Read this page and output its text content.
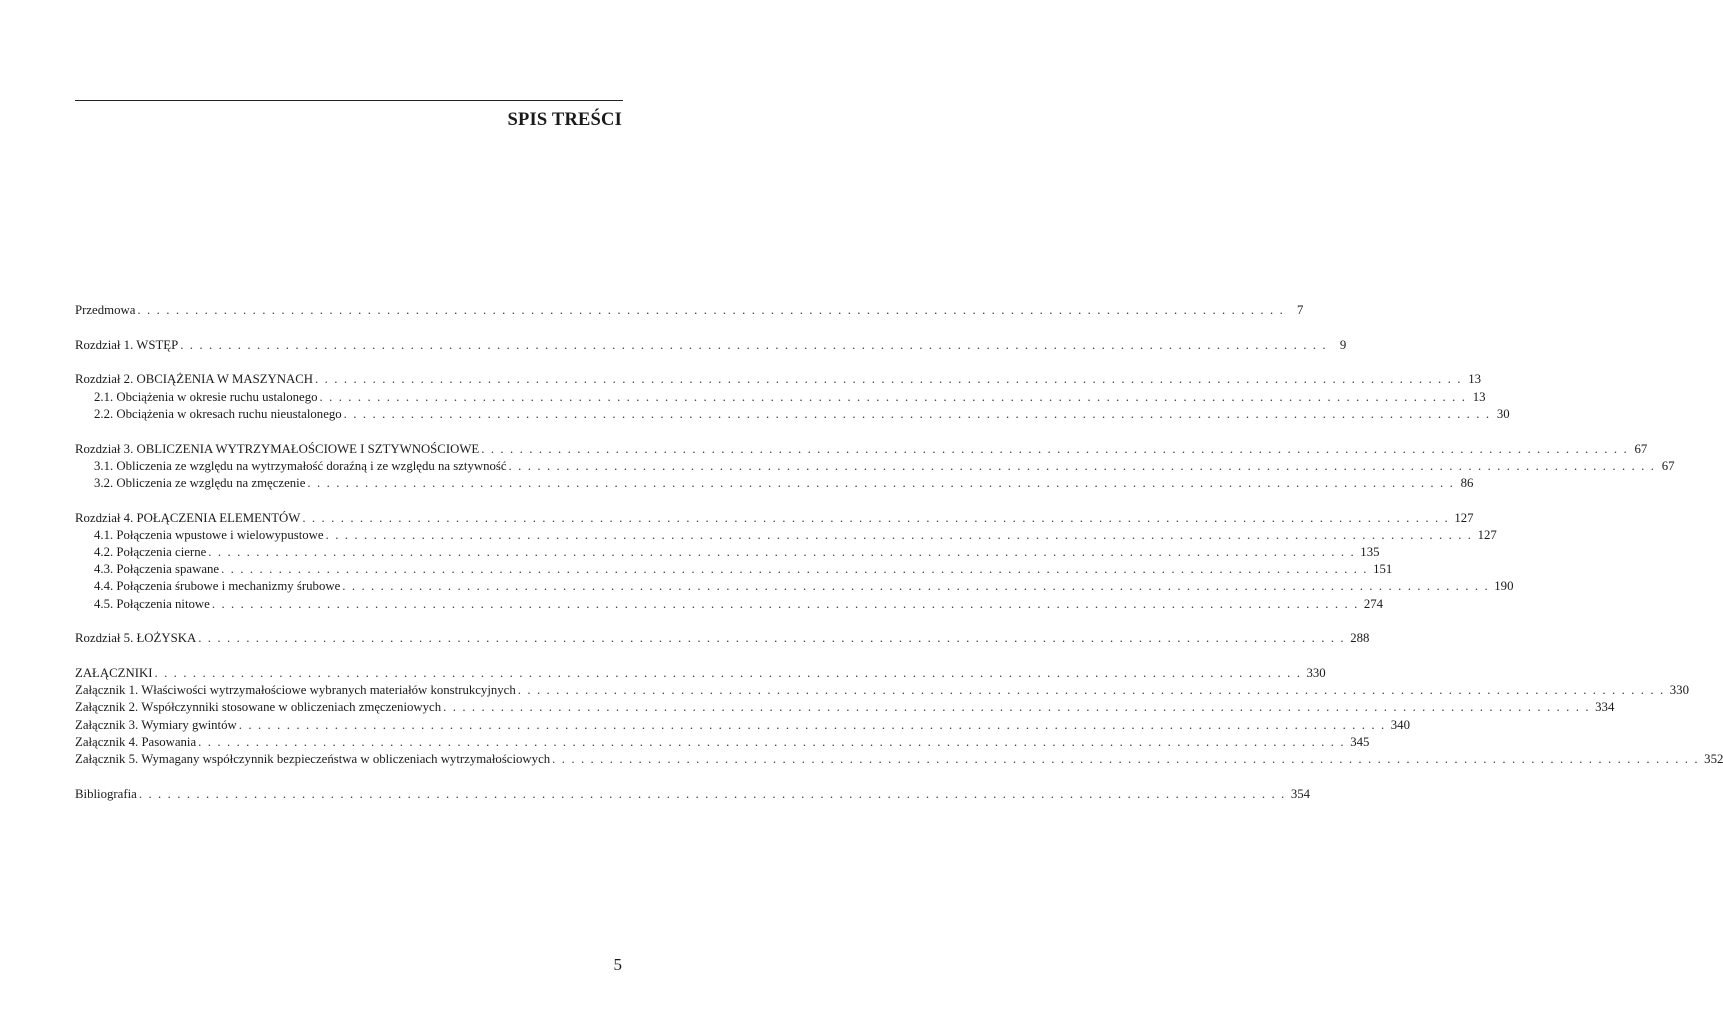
SPIS TREŚCI
Przedmowa . . . . . . . . . . . . . . . . . . . . . . . . . . . . . . . . . . . . . . . . . . . . . . . . . . . . . . . . . . . . . . . . . . . . . . . . . . . . . . . . . . . . . . . . . . . . . . . . . . . . . . . . . . . . . . . . . . . . . . . . 7
Rozdział 1. WSTĘP . . . . . . . . . . . . . . . . . . . . . . . . . . . . . . . . . . . . . . . . . . . . . . . . . . . . . . . . . . . . . . . . . . . . . . . . . . . . . . . . . . . . . . . . . . . . . . . . . . . . . . . . . . . . . . . . . . . . . . . . 9
Rozdział 2. OBCIĄŻENIA W MASZYNACH . . . . . . . . . . . . . . . . . . . . . . . . . . . . . . . . . . . . . . . . . . . . . . . . . . . . . . . . . . . . . . . . . . . . . . . . . . . . . . . . . . . . . . . . . . . . . . . . . . . . . . . . . . . . . . . . . . . . . . . . 13
2.1. Obciążenia w okresie ruchu ustalonego . . . . . . . . . . . . . . . . . . . . . . . . . . . . . . . . . . . . . . . . . . . . . . . . . . . . . . . . . . . . . . . . . . . . . . . . . . . . . . . . . . . . . . . . . . . . . . . . . . . . . . . . . . . . . . . . . . . . . . . . 13
2.2. Obciążenia w okresach ruchu nieustalonego . . . . . . . . . . . . . . . . . . . . . . . . . . . . . . . . . . . . . . . . . . . . . . . . . . . . . . . . . . . . . . . . . . . . . . . . . . . . . . . . . . . . . . . . . . . . . . . . . . . . . . . . . . . . . . . . . . . . . . . . 30
Rozdział 3. OBLICZENIA WYTRZYMAŁOŚCIOWE I SZTYWNOŚCIOWE . . . . . . . . . . . . . . . . . . . . . . . . . . . . . . . . . . . . . . . . . . . . . . . . . . . . . . . . . . . . . . . . . . . . . . . . . . . . . . . . . . . . . . . . . . . . . . . . . . . . . . . . . . . . . . . . . . . . . . . . 67
3.1. Obliczenia ze względu na wytrzymałość doraźną i ze względu na sztywność . . . . . . . . . . . . . . . . . . . . . . . . . . . . . . . . . . . . . . . . . . . . . . . . . . . . . . . . . . . . . . . . . . . . . . . . . . . . . . . . . . . . . . . . . . . . . . . . . . . . . . . . . . . . . . . . . . . . . . . . 67
3.2. Obliczenia ze względu na zmęczenie . . . . . . . . . . . . . . . . . . . . . . . . . . . . . . . . . . . . . . . . . . . . . . . . . . . . . . . . . . . . . . . . . . . . . . . . . . . . . . . . . . . . . . . . . . . . . . . . . . . . . . . . . . . . . . . . . . . . . . . . 86
Rozdział 4. POŁĄCZENIA ELEMENTÓW . . . . . . . . . . . . . . . . . . . . . . . . . . . . . . . . . . . . . . . . . . . . . . . . . . . . . . . . . . . . . . . . . . . . . . . . . . . . . . . . . . . . . . . . . . . . . . . . . . . . . . . . . . . . . . . . . . . . . . . . 127
4.1. Połączenia wpustowe i wielowypustowe . . . . . . . . . . . . . . . . . . . . . . . . . . . . . . . . . . . . . . . . . . . . . . . . . . . . . . . . . . . . . . . . . . . . . . . . . . . . . . . . . . . . . . . . . . . . . . . . . . . . . . . . . . . . . . . . . . . . . . . . 127
4.2. Połączenia cierne . . . . . . . . . . . . . . . . . . . . . . . . . . . . . . . . . . . . . . . . . . . . . . . . . . . . . . . . . . . . . . . . . . . . . . . . . . . . . . . . . . . . . . . . . . . . . . . . . . . . . . . . . . . . . . . . . . . . . . . . 135
4.3. Połączenia spawane . . . . . . . . . . . . . . . . . . . . . . . . . . . . . . . . . . . . . . . . . . . . . . . . . . . . . . . . . . . . . . . . . . . . . . . . . . . . . . . . . . . . . . . . . . . . . . . . . . . . . . . . . . . . . . . . . . . . . . . . 151
4.4. Połączenia śrubowe i mechanizmy śrubowe . . . . . . . . . . . . . . . . . . . . . . . . . . . . . . . . . . . . . . . . . . . . . . . . . . . . . . . . . . . . . . . . . . . . . . . . . . . . . . . . . . . . . . . . . . . . . . . . . . . . . . . . . . . . . . . . . . . . . . . . 190
4.5. Połączenia nitowe . . . . . . . . . . . . . . . . . . . . . . . . . . . . . . . . . . . . . . . . . . . . . . . . . . . . . . . . . . . . . . . . . . . . . . . . . . . . . . . . . . . . . . . . . . . . . . . . . . . . . . . . . . . . . . . . . . . . . . . . 274
Rozdział 5. ŁOŻYSKA . . . . . . . . . . . . . . . . . . . . . . . . . . . . . . . . . . . . . . . . . . . . . . . . . . . . . . . . . . . . . . . . . . . . . . . . . . . . . . . . . . . . . . . . . . . . . . . . . . . . . . . . . . . . . . . . . . . . . . . . 288
ZAŁĄCZNIKI . . . . . . . . . . . . . . . . . . . . . . . . . . . . . . . . . . . . . . . . . . . . . . . . . . . . . . . . . . . . . . . . . . . . . . . . . . . . . . . . . . . . . . . . . . . . . . . . . . . . . . . . . . . . . . . . . . . . . . . . 330
Załącznik 1. Właściwości wytrzymałościowe wybranych materiałów konstrukcyjnych . . . . . . . . . . . . . . . . . . . . . . . . . . . . . . . . . . . . . . . . . . . . . . . . . . . . . . . . . . . . . . . . . . . . . . . . . . . . . . . . . . . . . . . . . . . . . . . . . . . . . . . . . . . . . . . . . . . . . . . . 330
Załącznik 2. Współczynniki stosowane w obliczeniach zmęczeniowych . . . . . . . . . . . . . . . . . . . . . . . . . . . . . . . . . . . . . . . . . . . . . . . . . . . . . . . . . . . . . . . . . . . . . . . . . . . . . . . . . . . . . . . . . . . . . . . . . . . . . . . . . . . . . . . . . . . . . . . . 334
Załącznik 3. Wymiary gwintów . . . . . . . . . . . . . . . . . . . . . . . . . . . . . . . . . . . . . . . . . . . . . . . . . . . . . . . . . . . . . . . . . . . . . . . . . . . . . . . . . . . . . . . . . . . . . . . . . . . . . . . . . . . . . . . . . . . . . . . . 340
Załącznik 4. Pasowania . . . . . . . . . . . . . . . . . . . . . . . . . . . . . . . . . . . . . . . . . . . . . . . . . . . . . . . . . . . . . . . . . . . . . . . . . . . . . . . . . . . . . . . . . . . . . . . . . . . . . . . . . . . . . . . . . . . . . . . . 345
Załącznik 5. Wymagany współczynnik bezpieczeństwa w obliczeniach wytrzymałościowych . . . . . . . . . . . . . . . . . . . . . . . . . . . . . . . . . . . . . . . . . . . . . . . . . . . . . . . . . . . . . . . . . . . . . . . . . . . . . . . . . . . . . . . . . . . . . . . . . . . . . . . . . . . . . . . . . . . . . . . . 352
Bibliografia . . . . . . . . . . . . . . . . . . . . . . . . . . . . . . . . . . . . . . . . . . . . . . . . . . . . . . . . . . . . . . . . . . . . . . . . . . . . . . . . . . . . . . . . . . . . . . . . . . . . . . . . . . . . . . . . . . . . . . . . 354
5
